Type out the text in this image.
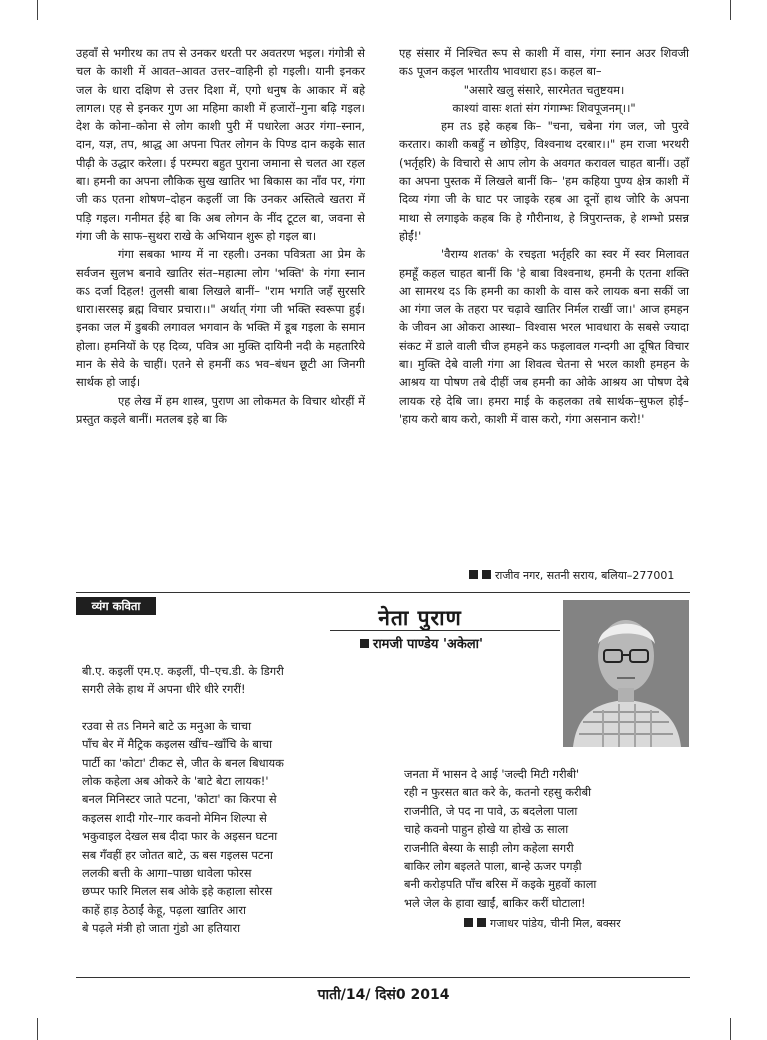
उहवाँ से भगीरथ का तप से उनकर धरती पर अवतरण भइल। गंगोत्री से चल के काशी में आवत–आवत उत्तर–वाहिनी हो गइली। यानी इनकर जल के धारा दक्षिण से उत्तर दिशा में, एगो धनुष के आकार में बहे लागल। एह से इनकर गुण आ महिमा काशी में हजारों–गुना बढ़ि गइल। देश के कोना–कोना से लोग काशी पुरी में पधारेला अउर गंगा–स्नान, दान, यज्ञ, तप, श्राद्ध आ अपना पितर लोगन के पिण्ड दान कइके सात पीढ़ी के उद्धार करेला। ई परम्परा बहुत पुराना जमाना से चलत आ रहल बा। हमनी का अपना लौकिक सुख खातिर भा बिकास का नाँव पर, गंगा जी कऽ एतना शोषण–दोहन कइलीं जा कि उनकर अस्तित्वे खतरा में पड़ि गइल। गनीमत ईहे बा कि अब लोगन के नींद टूटल बा, जवना से गंगा जी के साफ–सुथरा राखे के अभियान शुरू हो गइल बा।

गंगा सबका भाग्य में ना रहली। उनका पवित्रता आ प्रेम के सर्वजन सुलभ बनावे खातिर संत–महात्मा लोग 'भक्ति' के गंगा स्नान कऽ दर्जा दिहल! तुलसी बाबा लिखले बानीं– "राम भगति जहँ सुरसरि धारा।सरसइ ब्रह्म विचार प्रचारा।।" अर्थात् गंगा जी भक्ति स्वरूपा हुई। इनका जल में डुबकी लगावल भगवान के भक्ति में डूब गइला के समान होला। हमनियों के एह दिव्य, पवित्र आ मुक्ति दायिनी नदी के महतारिये मान के सेवे के चाहीं। एतने से हमनीं कऽ भव–बंधन छूटी आ जिनगी सार्थक हो जाई।

एह लेख में हम शास्त्र, पुराण आ लोकमत के विचार थोरहीं में प्रस्तुत कइले बानीं। मतलब इहे बा कि

एह संसार में निश्चित रूप से काशी में वास, गंगा स्नान अउर शिवजी कऽ पूजन कइल भारतीय भावधारा हऽ। कहल बा–

"असारे खलु संसारे, सारमेतत चतुष्टयम।

काश्यां वासः शतां संग गंगाम्भः शिवपूजनम्।।"

हम तऽ इहे कहब कि– "चना, चबेना गंग जल, जो पुरवे करतार। काशी कबहुँ न छोड़िए, विश्वनाथ दरबार।।" हम राजा भरथरी (भर्तृहरि) के विचारो से आप लोग के अवगत करावल चाहत बानीं। उहाँ का अपना पुस्तक में लिखले बानीं कि– 'हम कहिया पुण्य क्षेत्र काशी में दिव्य गंगा जी के घाट पर जाइके रहब आ दूनों हाथ जोरि के अपना माथा से लगाइके कहब कि हे गौरीनाथ, हे त्रिपुरान्तक, हे शम्भो प्रसन्न होईं!'

'वैराग्य शतक' के रचइता भर्तृहरि का स्वर में स्वर मिलावत हमहूँ कहल चाहत बानीं कि 'हे बाबा विश्वनाथ, हमनी के एतना शक्ति आ सामरथ दऽ कि हमनी का काशी के वास करे लायक बना सकीं जा आ गंगा जल के तहरा पर चढ़ावे खातिर निर्मल राखीं जा।' आज हमहन के जीवन आ ओकरा आस्था– विश्वास भरल भावधारा के सबसे ज्यादा संकट में डाले वाली चीज हमहने कऽ फइलावल गन्दगी आ दूषित विचार बा। मुक्ति देबे वाली गंगा आ शिवत्व चेतना से भरल काशी हमहन के आश्रय या पोषण तबे दीहीं जब हमनी का ओके आश्रय आ पोषण देबे लायक रहे देबि जा। हमरा माई के कहलका तबे सार्थक–सुफल होई– 'हाय करो बाय करो, काशी में वास करो, गंगा असनान करो!'

राजीव नगर, सतनी सराय, बलिया–277001
व्यंग कविता	नेता पुराण
रामजी पाण्डेय 'अकेला'
बी.ए. कइलीं एम.ए. कइलीं, पी–एच.डी. के डिगरी
सगरी लेके हाथ में अपना धीरे धीरे रगरीं!
रउवा से तऽ निमने बाटे ऊ मनुआ के चाचा
पाँच बेर में मैट्रिक कइलस खींच–खाँचि के बाचा
पार्टी का 'कोटा' टीकट से, जीत के बनल बिधायक
लोक कहेला अब ओकरे के 'बाटे बेटा लायक!'
बनल मिनिस्टर जाते पटना, 'कोटा' का किरपा से
कइलस शादी गोर–गार कवनो मेमिन शिल्पा से
भकुवाइल देखल सब दीदा फार के अइसन घटना
सब गँवहीं हर जोतत बाटे, ऊ बस गइलस पटना
ललकी बत्ती के आगा–पाछा धावेला फोरस
छप्पर फारि मिलल सब ओके इहे कहाला सोरस
काहें हाड़ ठेठाईं केहू, पढ़ला खातिर आरा
बे पढ़ले मंत्री हो जाता गुंडो आ हतियारा
जनता में भासन दे आई 'जल्दी मिटी गरीबी'
रही न फुरसत बात करे के, कतनो रहसु करीबी
राजनीति, जे पद ना पावे, ऊ बदलेला पाला
चाहे कवनो पाहुन होखे या होखे ऊ साला
राजनीति बेस्या के साड़ी लोग कहेला सगरी
बाकिर लोग बइलते पाला, बान्हे ऊजर पगड़ी
बनी करोड़पति पाँच बरिस में कइके मुहवों काला
भले जेल के हावा खाईं, बाकिर करीं घोटाला!
गजाधर पांडेय, चीनी मिल, बक्सर
पाती/14/ दिसं0 2014
